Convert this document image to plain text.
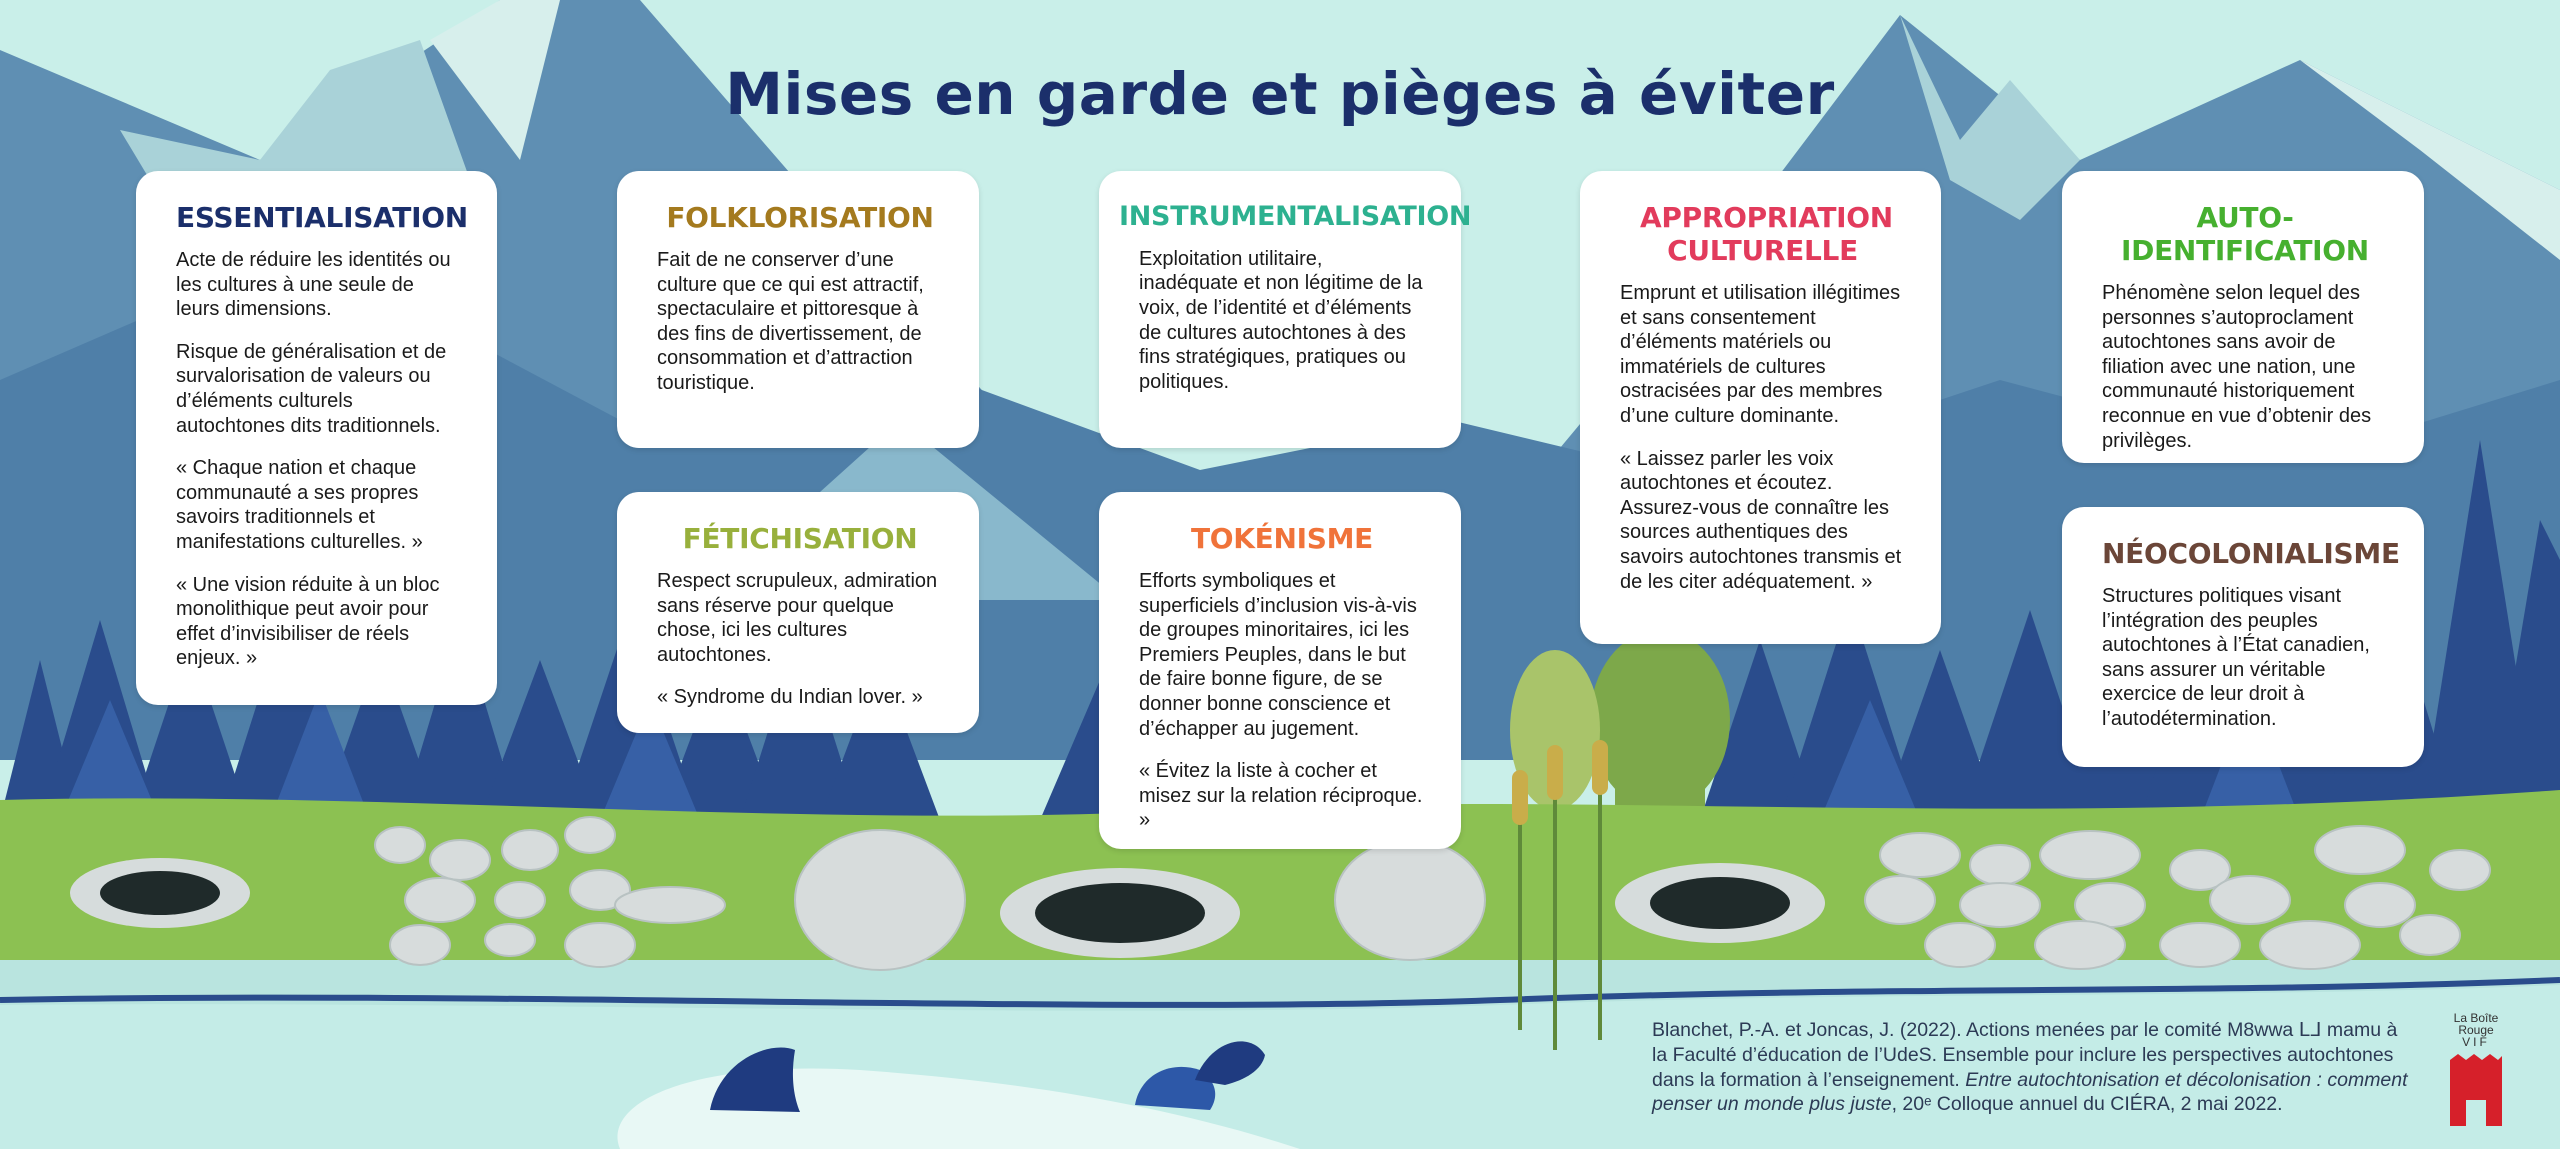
Mises en garde et pièges à éviter
ESSENTIALISATION

Acte de réduire les identités ou les cultures à une seule de leurs dimensions.

Risque de généralisation et de survalorisation de valeurs ou d’éléments culturels autochtones dits traditionnels.

« Chaque nation et chaque communauté a ses propres savoirs traditionnels et manifestations culturelles. »

« Une vision réduite à un bloc monolithique peut avoir pour effet d’invisibiliser de réels enjeux. »

FOLKLORISATION

Fait de ne conserver d’une culture que ce qui est attractif, spectaculaire et pittoresque à des fins de divertissement, de consommation et d’attraction touristique.

FÉTICHISATION

Respect scrupuleux, admiration sans réserve pour quelque chose, ici les cultures autochtones.

« Syndrome du Indian lover. »

INSTRUMENTALISATION

Exploitation utilitaire, inadéquate et non légitime de la voix, de l’identité et d’éléments de cultures autochtones à des fins stratégiques, pratiques ou politiques.

TOKÉNISME

Efforts symboliques et superficiels d’inclusion vis-à-vis de groupes minoritaires, ici les Premiers Peuples, dans le but de faire bonne figure, de se donner bonne conscience et d’échapper au jugement.

« Évitez la liste à cocher et misez sur la relation réciproque. »

APPROPRIATION CULTURELLE

Emprunt et utilisation illégitimes et sans consentement d’éléments matériels ou immatériels de cultures ostracisées par des membres d’une culture dominante.

« Laissez parler les voix autochtones et écoutez. Assurez-vous de connaître les sources authentiques des savoirs autochtones transmis et de les citer adéquatement. »

AUTO-IDENTIFICATION

Phénomène selon lequel des personnes s’autoproclament autochtones sans avoir de filiation avec une nation, une communauté historiquement reconnue en vue d’obtenir des privilèges.

NÉOCOLONIALISME

Structures politiques visant l’intégration des peuples autochtones à l’État canadien, sans assurer un véritable exercice de leur droit à l’autodétermination.

Blanchet, P.-A. et Joncas, J. (2022). Actions menées par le comité M8wwa ᒪᒧ mamu à la Faculté d’éducation de l’UdeS. Ensemble pour inclure les perspectives autochtones dans la formation à l’enseignement. Entre autochtonisation et décolonisation : comment penser un monde plus juste, 20ᵉ Colloque annuel du CIÉRA, 2 mai 2022.

La Boîte
Rouge
VIF
